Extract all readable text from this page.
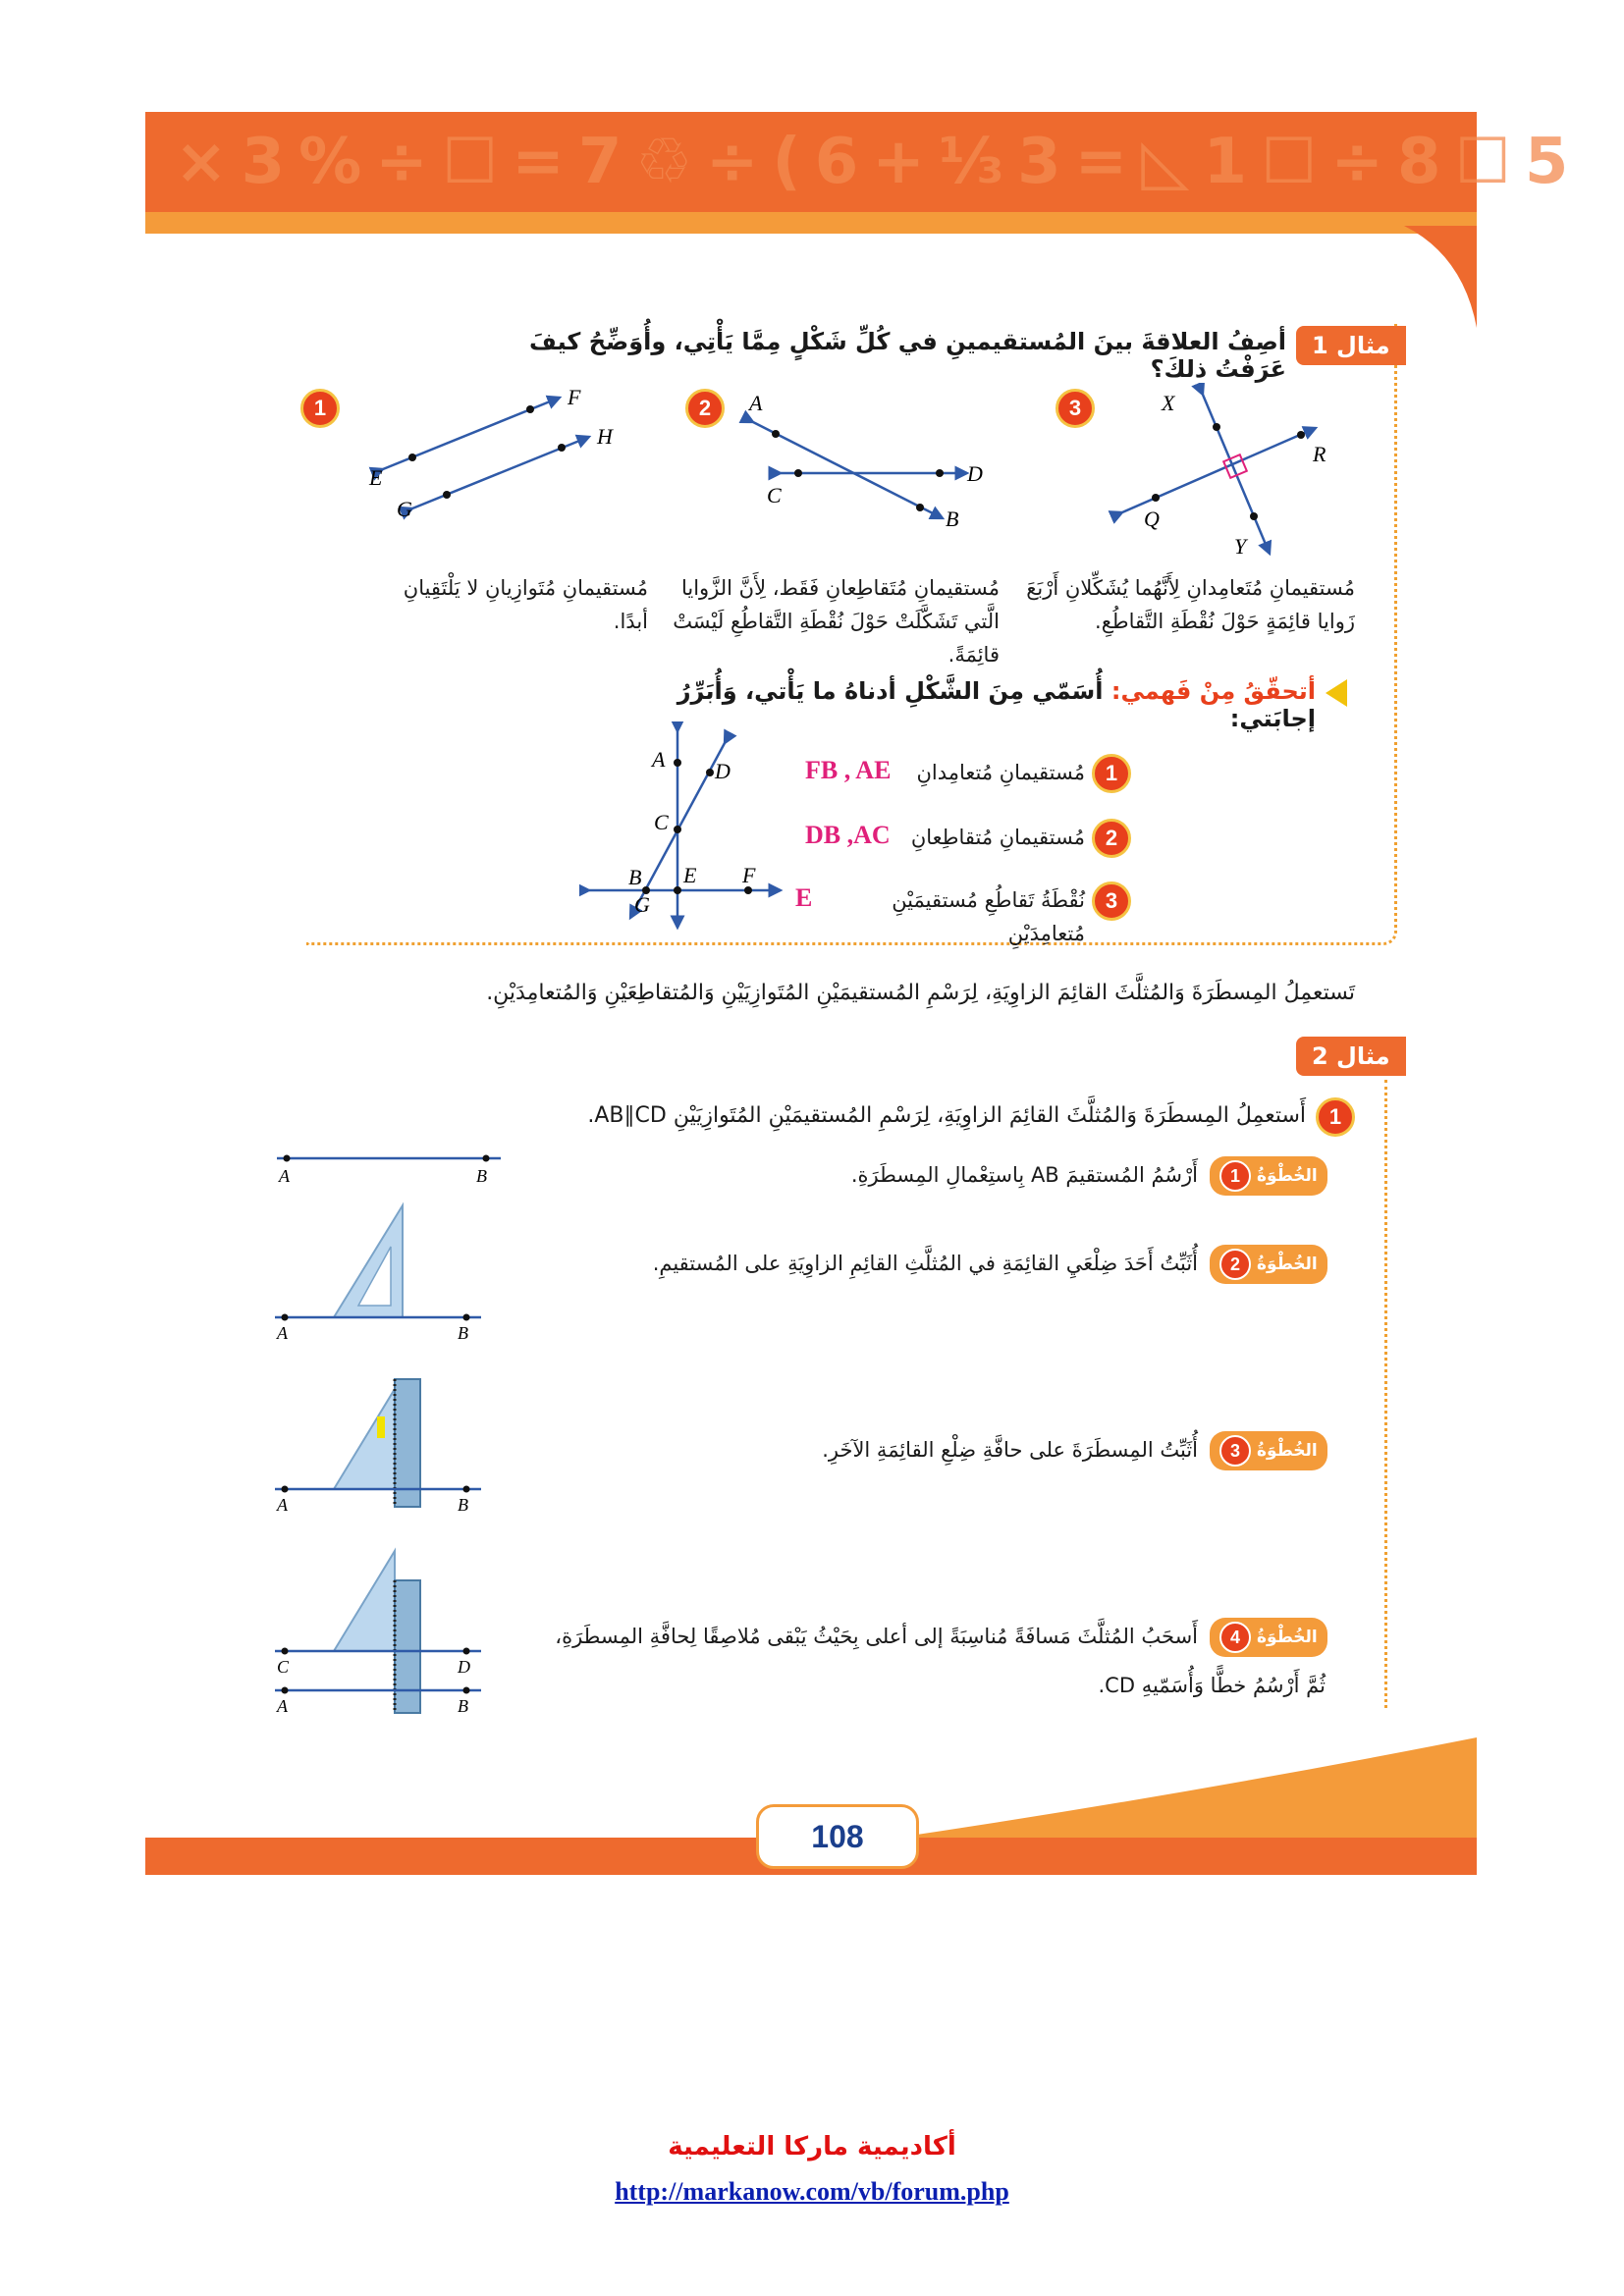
×3%÷☐=7♲÷(6+⅓3=◺1☐÷8☐5
مثال 1
أصِفُ العلاقةَ بينَ المُستقيمينِ في كُلِّ شَكْلٍ مِمَّا يَأْتِي، وأُوَضِّحُ كيفَ عَرَفْتُ ذلكَ؟
1	2	3
F
E
H
G
A
D
C
B
X
R
Q
Y
مُستقيمانِ مُتَوازِيانِ لا يَلْتَقِيانِ أبدًا.
مُستقيمانِ مُتَقاطِعانِ فَقَط، لِأَنَّ الزَّوايا الَّتي تَشَكَّلَتْ حَوْلَ نُقْطَةِ التَّقاطُعِ لَيْسَتْ قائِمَةً.
مُستقيمانِ مُتَعامِدانِ لِأَنَّهُما يُشَكِّلانِ أَرْبَعَ زَوايا قائِمَةٍ حَوْلَ نُقْطَةِ التَّقاطُعِ.
أتحقّقُ مِنْ فَهمي: أُسَمّي مِنَ الشَّكْلِ أدناهُ ما يَأْتي، وَأُبَرِّرُ إجابَتي:
1
مُستقيمانِ مُتعامِدانِ
FB , AE
2
مُستقيمانِ مُتقاطِعانِ
DB ,AC
3
نُقْطَةُ تَقاطُعِ مُستقيمَيْنِ مُتعامِدَيْنِ
E
A D
C
B E F
G
تَستعمِلُ المِسطَرَةَ وَالمُثلَّثَ القائِمَ الزاوِيَةِ، لِرَسْمِ المُستقيمَيْنِ المُتَوازِيَيْنِ وَالمُتقاطِعَيْنِ وَالمُتعامِدَيْنِ.
مثال 2
1
أَستعمِلُ المِسطَرَةَ وَالمُثلَّثَ القائِمَ الزاوِيَةِ، لِرَسْمِ المُستقيمَيْنِ المُتَوازِيَيْنِ AB∥CD.
1	الخُطْوَةُ
أَرْسُمُ المُستقيمَ AB بِاستِعْمالِ المِسطَرَةِ.
2	الخُطْوَةُ
أُثَبِّتُ أَحَدَ ضِلْعَيِ القائِمَةِ في المُثلَّثِ القائِمِ الزاوِيَةِ على المُستقيمِ.
3	الخُطْوَةُ
أُثَبِّتُ المِسطَرَةَ على حافَّةِ ضِلْعِ القائِمَةِ الآخَرِ.
4	الخُطْوَةُ
أَسحَبُ المُثلَّثَ مَسافَةً مُناسِبَةً إلى أعلى بِحَيْثُ يَبْقى مُلاصِقًا لِحافَّةِ المِسطَرَةِ،
ثُمَّ أَرْسُمُ خطًّا وَأُسَمّيهِ CD.
A	B
A	B
A	B
C	D
A	B
108
أكاديمية ماركا التعليمية
http://markanow.com/vb/forum.php
